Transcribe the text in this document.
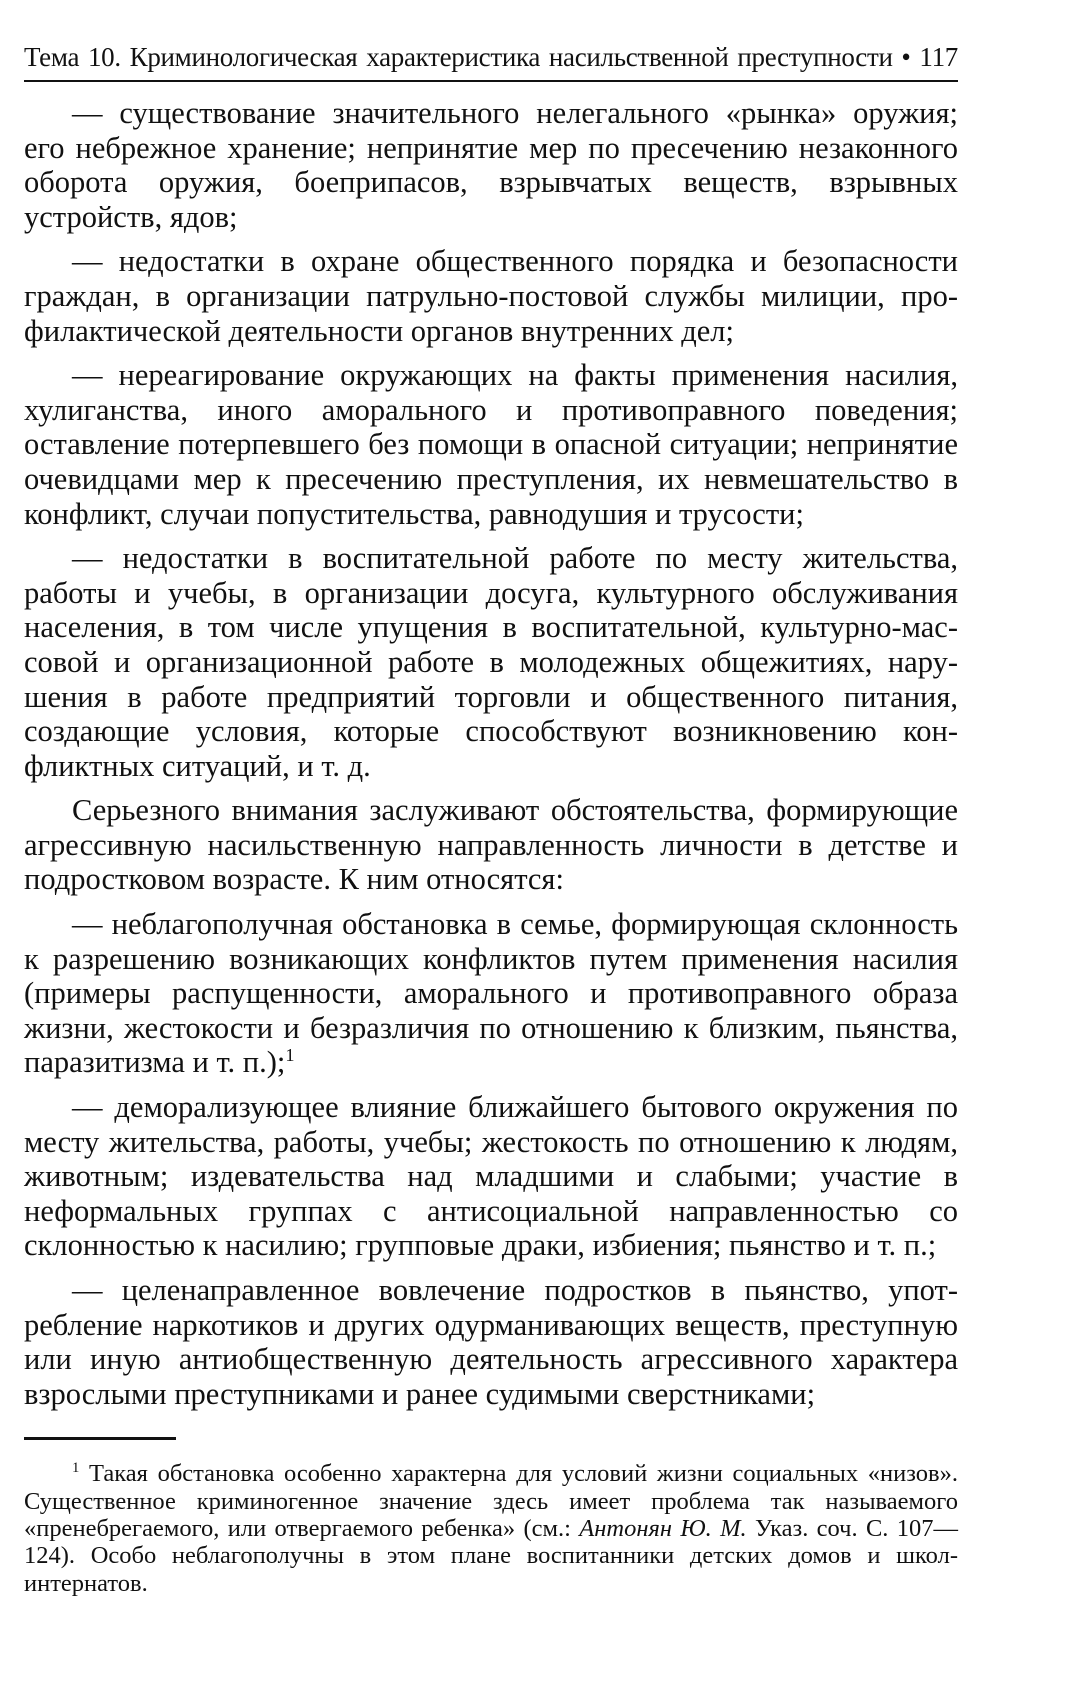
Тема 10. Криминологическая характеристика насильственной преступности • 117

— существование значительного нелегального «рынка» оружия; его небрежное хранение; непринятие мер по пресечению незаконного оборота оружия, боеприпасов, взрывчатых веществ, взрывных устройств, ядов;

— недостатки в охране общественного порядка и безопасности граждан, в организации патрульно-постовой службы милиции, профилактической деятельности органов внутренних дел;

— нереагирование окружающих на факты применения насилия, хулиганства, иного аморального и противоправного поведения; оставление потерпевшего без помощи в опасной ситуации; непринятие очевидцами мер к пресечению преступления, их невмешательство в конфликт, случаи попустительства, равнодушия и трусости;

— недостатки в воспитательной работе по месту жительства, работы и учебы, в организации досуга, культурного обслуживания населения, в том числе упущения в воспитательной, культурно-массовой и организационной работе в молодежных общежитиях, нарушения в работе предприятий торговли и общественного питания, создающие условия, которые способствуют возникновению конфликтных ситуаций, и т. д.

Серьезного внимания заслуживают обстоятельства, формирующие агрессивную насильственную направленность личности в детстве и подростковом возрасте. К ним относятся:

— неблагополучная обстановка в семье, формирующая склонность к разрешению возникающих конфликтов путем применения насилия (примеры распущенности, аморального и противоправного образа жизни, жестокости и безразличия по отношению к близким, пьянства, паразитизма и т. п.);$^1$

— деморализующее влияние ближайшего бытового окружения по месту жительства, работы, учебы; жестокость по отношению к людям, животным; издевательства над младшими и слабыми; участие в неформальных группах с антисоциальной направленностью со склонностью к насилию; групповые драки, избиения; пьянство и т. п.;

— целенаправленное вовлечение подростков в пьянство, употребление наркотиков и других одурманивающих веществ, преступную или иную антиобщественную деятельность агрессивного характера взрослыми преступниками и ранее судимыми сверстниками;

$^1$ Такая обстановка особенно характерна для условий жизни социальных «низов». Существенное криминогенное значение здесь имеет проблема так называемого «пренебрегаемого, или отвергаемого ребенка» (см.: Антонян Ю. М. Указ. соч. С. 107—124). Особо неблагополучны в этом плане воспитанники детских домов и школ-интернатов.
